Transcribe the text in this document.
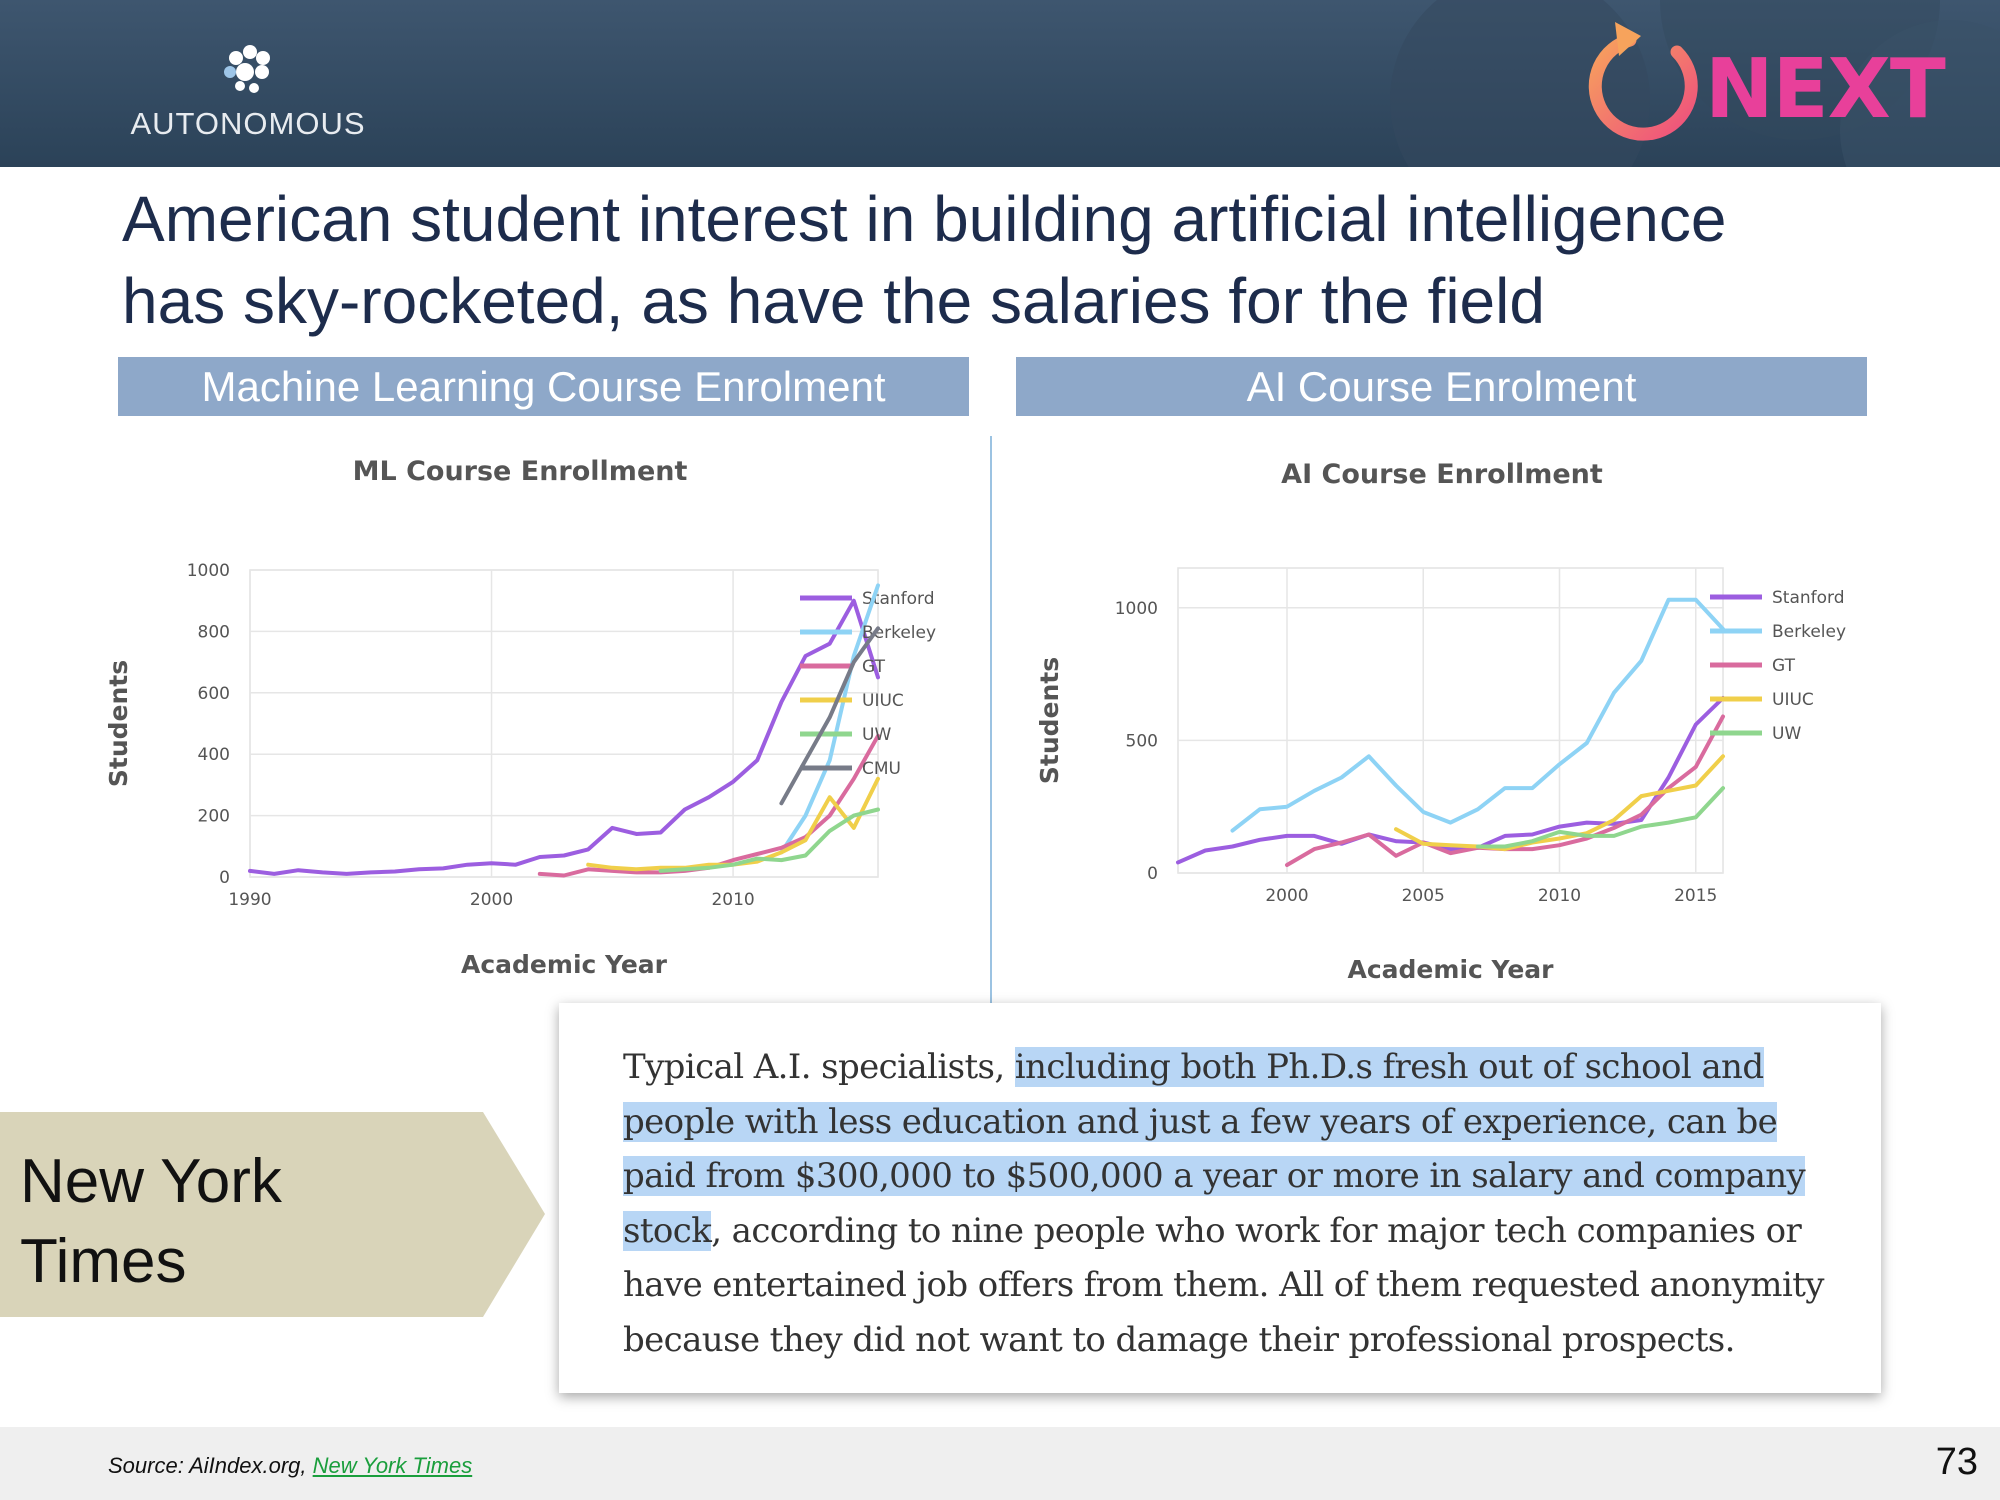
AUTONOMOUS	NEXT
American student interest in building artificial intelligence
has sky-rocketed, as have the salaries for the field
Machine Learning Course Enrolment	AI Course Enrolment
0
200
400
600
800
1000
1990	2000	2010
Stanford
Berkeley
GT
UIUC
UW
CMU
ML Course Enrollment
Academic Year
Students
0
500
1000
2000	2005	2010	2015
Stanford
Berkeley
GT
UIUC
UW
AI Course Enrollment
Academic Year
Students
New York
Times

Typical A.I. specialists, including both Ph.D.s fresh out of school and people with less education and just a few years of experience, can be paid from $300,000 to $500,000 a year or more in salary and company stock, according to nine people who work for major tech companies or have entertained job offers from them. All of them requested anonymity because they did not want to damage their professional prospects.

Source: AiIndex.org, New York Times	73
